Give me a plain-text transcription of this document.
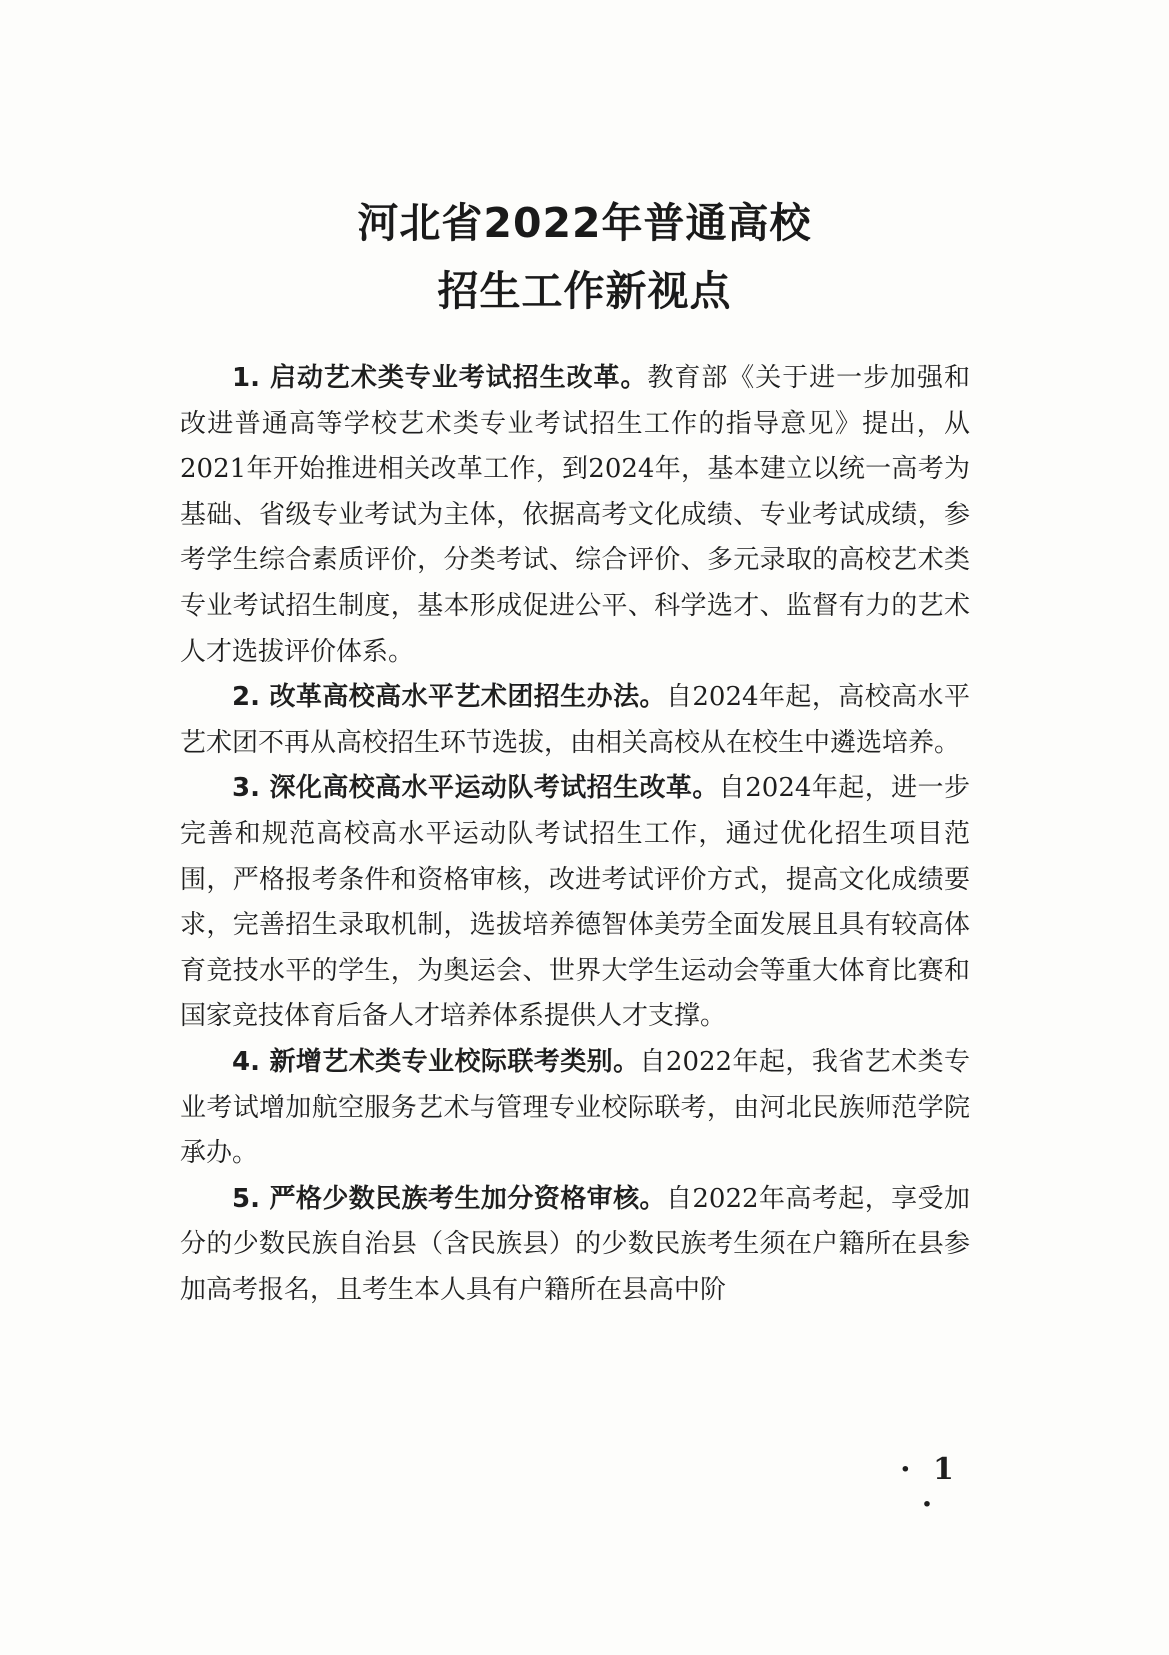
河北省2022年普通高校
招生工作新视点

1. 启动艺术类专业考试招生改革。教育部《关于进一步加强和改进普通高等学校艺术类专业考试招生工作的指导意见》提出，从2021年开始推进相关改革工作，到2024年，基本建立以统一高考为基础、省级专业考试为主体，依据高考文化成绩、专业考试成绩，参考学生综合素质评价，分类考试、综合评价、多元录取的高校艺术类专业考试招生制度，基本形成促进公平、科学选才、监督有力的艺术人才选拔评价体系。

2. 改革高校高水平艺术团招生办法。自2024年起，高校高水平艺术团不再从高校招生环节选拔，由相关高校从在校生中遴选培养。

3. 深化高校高水平运动队考试招生改革。自2024年起，进一步完善和规范高校高水平运动队考试招生工作，通过优化招生项目范围，严格报考条件和资格审核，改进考试评价方式，提高文化成绩要求，完善招生录取机制，选拔培养德智体美劳全面发展且具有较高体育竞技水平的学生，为奥运会、世界大学生运动会等重大体育比赛和国家竞技体育后备人才培养体系提供人才支撑。

4. 新增艺术类专业校际联考类别。自2022年起，我省艺术类专业考试增加航空服务艺术与管理专业校际联考，由河北民族师范学院承办。

5. 严格少数民族考生加分资格审核。自2022年高考起，享受加分的少数民族自治县（含民族县）的少数民族考生须在户籍所在县参加高考报名，且考生本人具有户籍所在县高中阶

· 1 ·
